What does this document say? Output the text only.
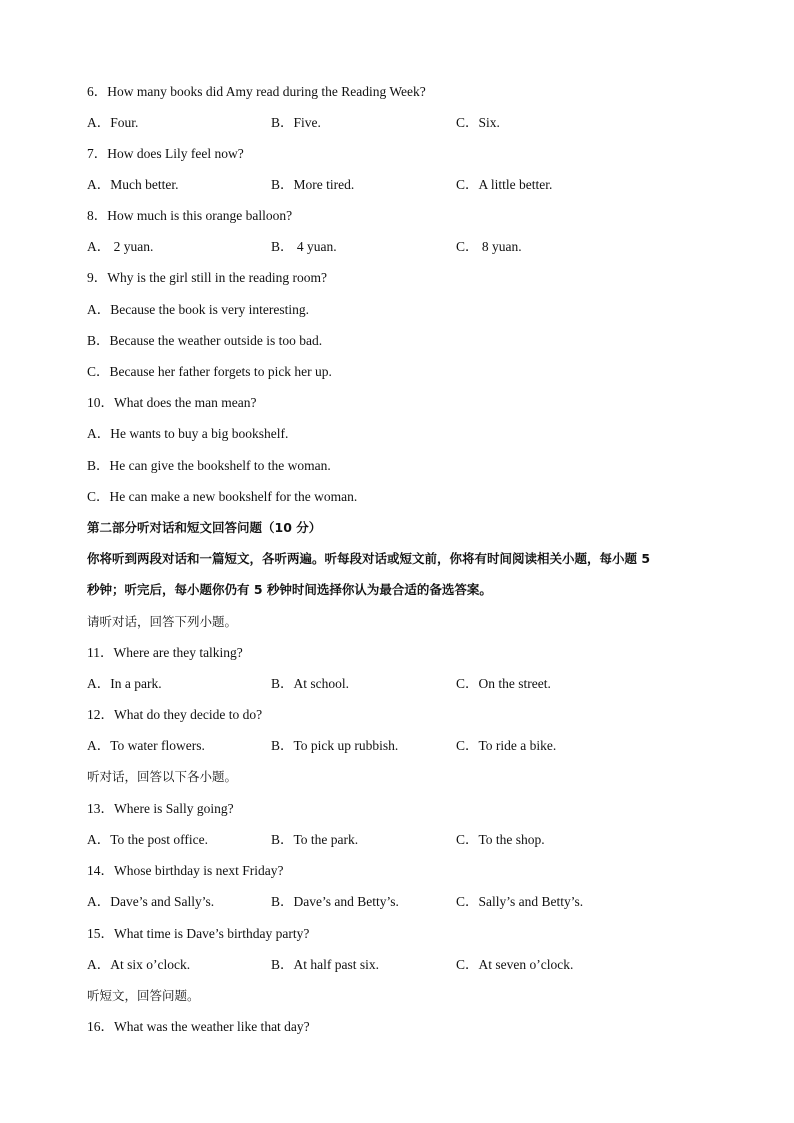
6．How many books did Amy read during the Reading Week?
A．Four.	B．Five.	C．Six.
7．How does Lily feel now?
A．Much better.	B．More tired.	C．A little better.
8．How much is this orange balloon?
A． 2 yuan.	B． 4 yuan.	C． 8 yuan.
9．Why is the girl still in the reading room?
A．Because the book is very interesting.
B．Because the weather outside is too bad.
C．Because her father forgets to pick her up.
10．What does the man mean?
A．He wants to buy a big bookshelf.
B．He can give the bookshelf to the woman.
C．He can make a new bookshelf for the woman.
第二部分听对话和短文回答问题（10 分）
你将听到两段对话和一篇短文，各听两遍。听每段对话或短文前，你将有时间阅读相关小题，每小题 5
秒钟；听完后，每小题你仍有 5 秒钟时间选择你认为最合适的备选答案。
请听对话，回答下列小题。
11．Where are they talking?
A．In a park.	B．At school.	C．On the street.
12．What do they decide to do?
A．To water flowers.	B．To pick up rubbish.	C．To ride a bike.
听对话，回答以下各小题。
13．Where is Sally going?
A．To the post office.	B．To the park.	C．To the shop.
14．Whose birthday is next Friday?
A．Dave’s and Sally’s.	B．Dave’s and Betty’s.	C．Sally’s and Betty’s.
15．What time is Dave’s birthday party?
A．At six o’clock.	B．At half past six.	C．At seven o’clock.
听短文，回答问题。
16．What was the weather like that day?
